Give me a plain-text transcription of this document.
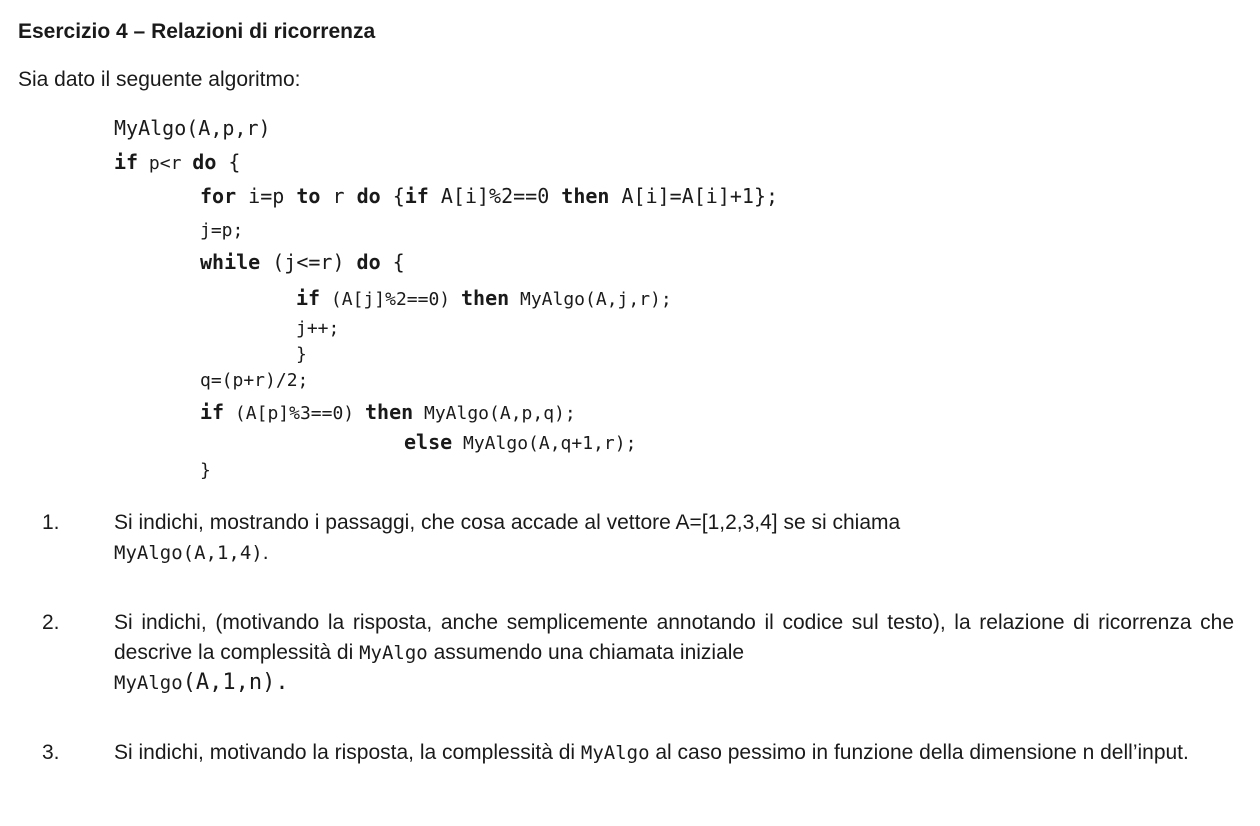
Esercizio 4 – Relazioni di ricorrenza
Sia dato il seguente algoritmo:

MyAlgo(A,p,r)

if p<r do {

for i=p to r do {if A[i]%2==0 then A[i]=A[i]+1};

j=p;

while (j<=r) do {

if (A[j]%2==0) then MyAlgo(A,j,r);

j++;

}

q=(p+r)/2;

if (A[p]%3==0) then MyAlgo(A,p,q);

else MyAlgo(A,q+1,r);

}

1.	Si indichi, mostrando i passaggi, che cosa accade al vettore A=[1,2,3,4] se si chiama
MyAlgo(A,1,4).
2.	Si indichi, (motivando la risposta, anche semplicemente annotando il codice sul testo), la relazione di ricorrenza che descrive la complessità di MyAlgo assumendo una chiamata iniziale
MyAlgo(A,1,n).
3.	Si indichi, motivando la risposta, la complessità di MyAlgo al caso pessimo in funzione della dimensione n dell’input.
